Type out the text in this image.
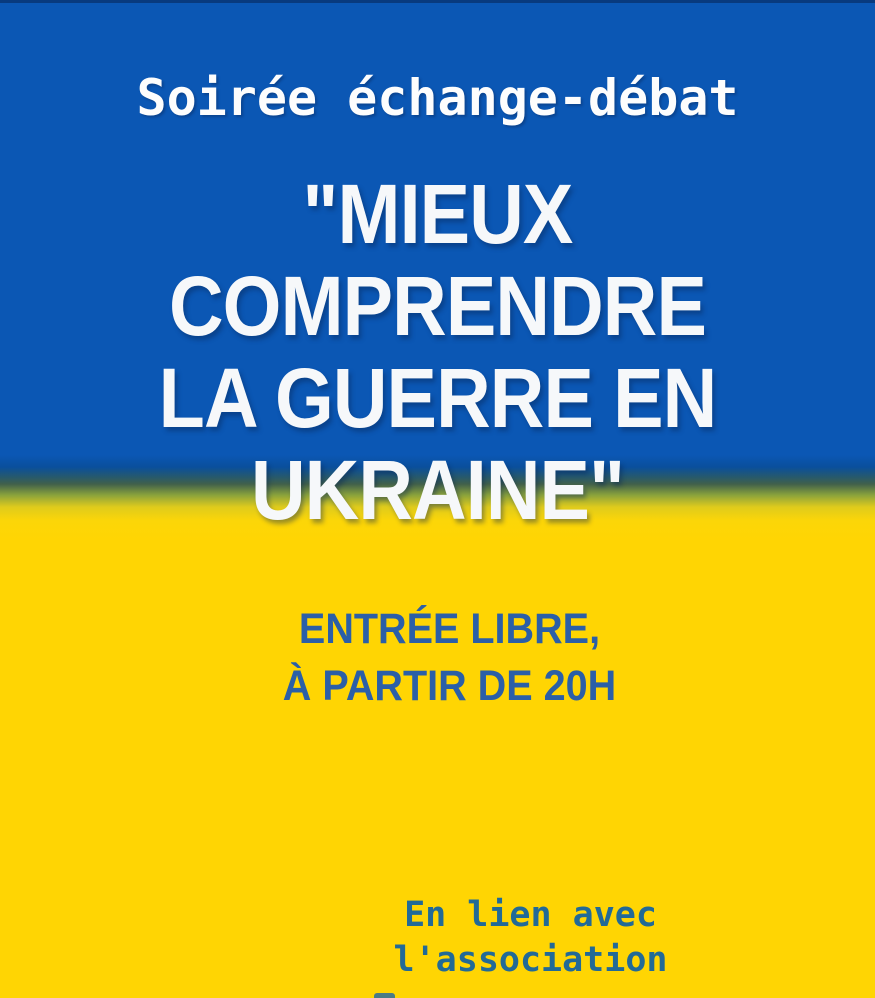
Soirée échange-débat
"MIEUX COMPRENDRE
LA GUERRE EN
UKRAINE"
ENTRÉE LIBRE,
À PARTIR DE 20H
En lien avec
l'association
